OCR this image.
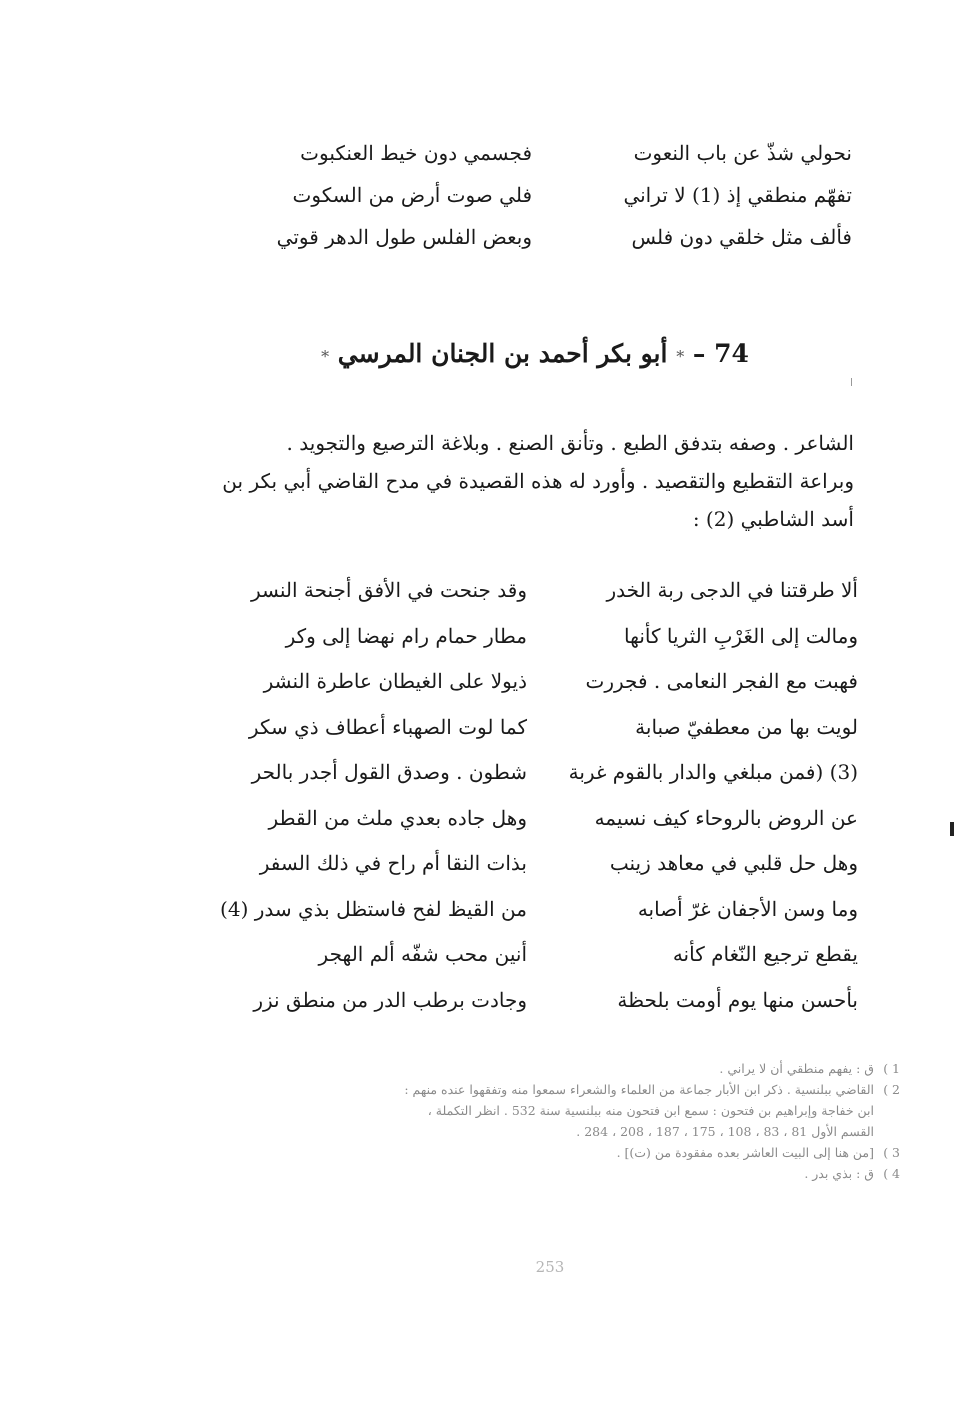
نحولي شذّ عن باب النعوت
فجسمي دون خيط العنكبوت
تفهّم منطقي إذ (1) لا تراني
فلي صوت أرض من السكوت
فألف مثل خلقي دون فلس
وبعض الفلس طول الدهر قوتي
74 – * أبو بكر أحمد بن الجنان المرسي *

الشاعر . وصفه بتدفق الطبع . وتأنق الصنع . وبلاغة الترصيع والتجويد .

وبراعة التقطيع والتقصيد . وأورد له هذه القصيدة في مدح القاضي أبي بكر بن

أسد الشاطبي (2) :

ألا طرقتنا في الدجى ربة الخدر
وقد جنحت في الأفق أجنحة النسر
ومالت إلى الغَرْبِ الثريا كأنها
مطار حمام رام نهضا إلى وكر
فهبت مع الفجر النعامى . فجررت
ذيولا على الغيطان عاطرة النشر
لويت بها من معطفيّ صبابة
كما لوت الصهباء أعطاف ذي سكر
(3) (فمن مبلغي والدار بالقوم غربة
شطون . وصدق القول أجدر بالحر
عن الروض بالروحاء كيف نسيمه
وهل جاده بعدي ملث من القطر
وهل حل قلبي في معاهد زينب
بذات النقا أم راح في ذلك السفر
وما وسن الأجفان غرّ أصابه
من القيظ لفح فاستظل بذي سدر (4)
يقطع ترجيع النّغام كأنه
أنين محب شفّه ألم الهجر
بأحسن منها يوم أومت بلحظة
وجادت برطب الدر من منطق نزر
1 )
ق : يفهم منطقي أن لا يراني .
2 )
القاضي ببلنسية . ذكر ابن الأبار جماعة من العلماء والشعراء سمعوا منه وتفقهوا عنده منهم :
ابن خفاجة وإبراهيم بن فتحون : سمع ابن فتحون منه ببلنسية سنة 532 . انظر التكملة ،
القسم الأول 81 ، 83 ، 108 ، 175 ، 187 ، 208 ، 284 .
3 )
[من هنا إلى البيت العاشر بعده مفقودة من (ت)] .
4 )
ق : بذي بدر .
253
